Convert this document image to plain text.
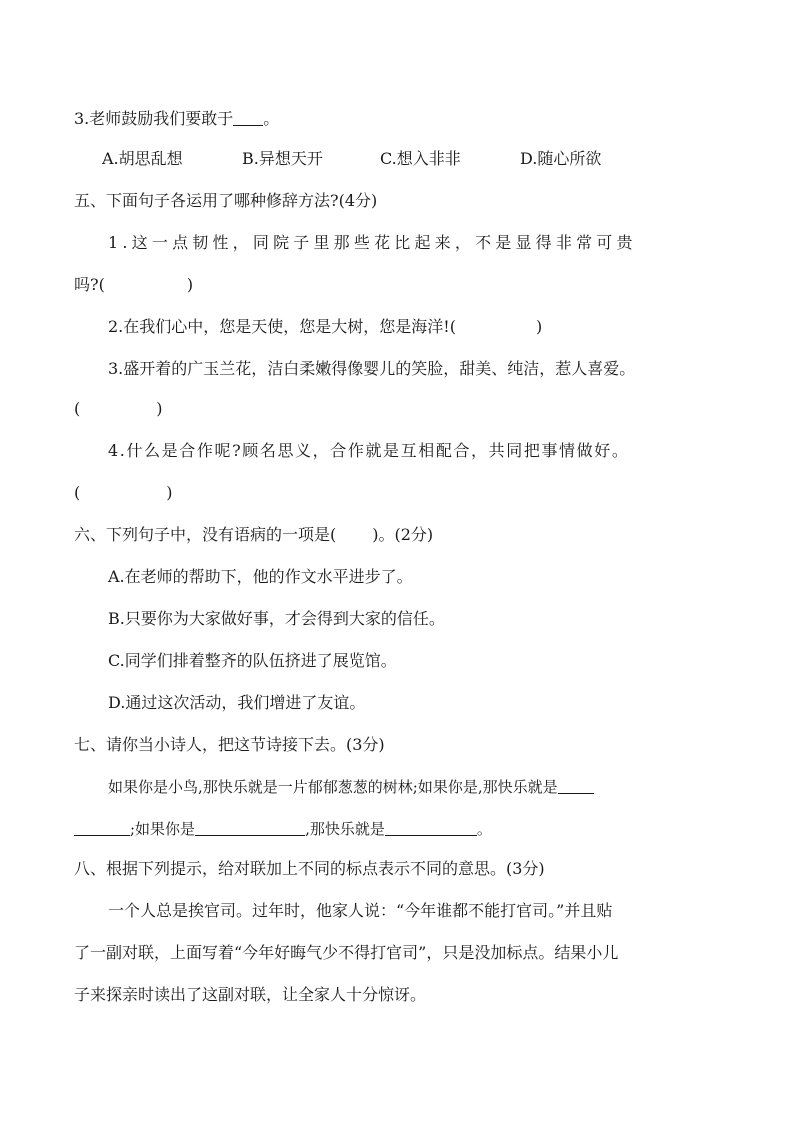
3.老师鼓励我们要敢于 。
A.胡思乱想	B.异想天开	C.想入非非	D.随心所欲
五、下面句子各运用了哪种修辞方法?(4分)
1.这一点韧性，同院子里那些花比起来，不是显得非常可贵
吗?(	)
2.在我们心中，您是天使，您是大树，您是海洋!(	)
3.盛开着的广玉兰花，洁白柔嫩得像婴儿的笑脸，甜美、纯洁，惹人喜爱。
(	)
4.什么是合作呢?顾名思义，合作就是互相配合，共同把事情做好。
(	)
六、下列句子中，没有语病的一项是( )。(2分)
A.在老师的帮助下，他的作文水平进步了。
B.只要你为大家做好事，才会得到大家的信任。
C.同学们排着整齐的队伍挤进了展览馆。
D.通过这次活动，我们增进了友谊。
七、请你当小诗人，把这节诗接下去。(3分)
如果你是小鸟,那快乐就是一片郁郁葱葱的树林;如果你是,那快乐就是
;如果你是	,那快乐就是	。
八、根据下列提示，给对联加上不同的标点表示不同的意思。(3分)
一个人总是挨官司。过年时，他家人说：“今年谁都不能打官司。”并且贴
了一副对联，上面写着“今年好晦气少不得打官司”，只是没加标点。结果小儿
子来探亲时读出了这副对联，让全家人十分惊讶。
